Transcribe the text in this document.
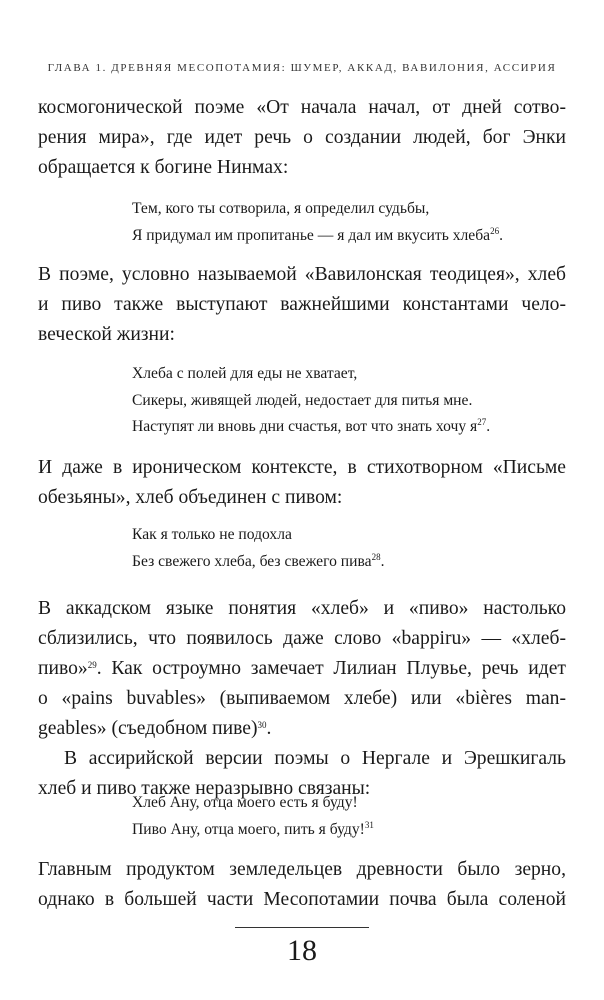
ГЛАВА 1. ДРЕВНЯЯ МЕСОПОТАМИЯ: ШУМЕР, АККАД, ВАВИЛОНИЯ, АССИРИЯ
космогонической поэме «От начала начал, от дней сотво-
рения мира», где идет речь о создании людей, бог Энки
обращается к богине Нинмах:
Тем, кого ты сотворила, я определил судьбы,
Я придумал им пропитанье — я дал им вкусить хлеба$^{26}$.
В поэме, условно называемой «Вавилонская теодицея», хлеб
и пиво также выступают важнейшими константами чело-
веческой жизни:
Хлеба с полей для еды не хватает,
Сикеры, живящей людей, недостает для питья мне.
Наступят ли вновь дни счастья, вот что знать хочу $я^{27}$.
И даже в ироническом контексте, в стихотворном «Письме
обезьяны», хлеб объединен с пивом:
Как я только не подохла
Без свежего хлеба, без свежего пива$^{28}$.
В аккадском языке понятия «хлеб» и «пиво» настолько
сблизились, что появилось даже слово «bappiru» — «хлеб-
пиво»$^{29}$. Как остроумно замечает Лилиан Плувье, речь идет
о «pains buvables» (выпиваемом хлебе) или «bières man-
geables» (съедобном пиве)$^{30}$.
В ассирийской версии поэмы о Нергале и Эрешкигаль
хлеб и пиво также неразрывно связаны:
Хлеб Ану, отца моего есть я буду!
Пиво Ану, отца моего, пить я буду!$^{31}$
Главным продуктом земледельцев древности было зерно,
однако в большей части Месопотамии почва была соленой
18
